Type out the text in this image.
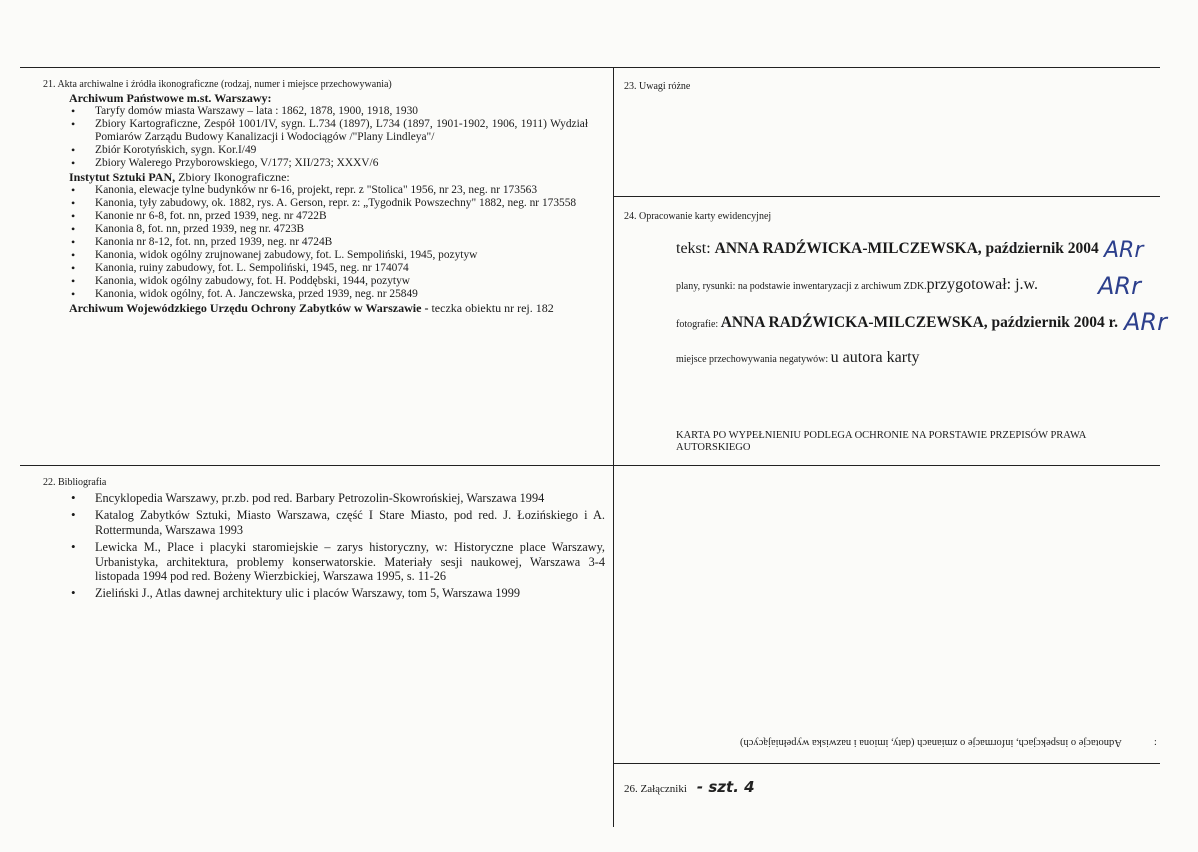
21. Akta archiwalne i źródła ikonograficzne (rodzaj, numer i miejsce przechowywania)
Archiwum Państwowe m.st. Warszawy:
• Taryfy domów miasta Warszawy – lata : 1862, 1878, 1900, 1918, 1930
• Zbiory Kartograficzne, Zespół 1001/IV, sygn. L.734 (1897), L734 (1897, 1901-1902, 1906, 1911) Wydział Pomiarów Zarządu Budowy Kanalizacji i Wodociągów /"Plany Lindleya"/
• Zbiór Korotyńskich, sygn. Kor.I/49
• Zbiory Walerego Przyborowskiego, V/177; XII/273; XXXV/6
Instytut Sztuki PAN, Zbiory Ikonograficzne:
• Kanonia, elewacje tylne budynków nr 6-16, projekt, repr. z "Stolica" 1956, nr 23, neg. nr 173563
• Kanonia, tyły zabudowy, ok. 1882, rys. A. Gerson, repr. z: „Tygodnik Powszechny" 1882, neg. nr 173558
• Kanonie nr 6-8, fot. nn, przed 1939, neg. nr 4722B
• Kanonia 8, fot. nn, przed 1939, neg nr. 4723B
• Kanonia nr 8-12, fot. nn, przed 1939, neg. nr 4724B
• Kanonia, widok ogólny zrujnowanej zabudowy, fot. L. Sempoliński, 1945, pozytyw
• Kanonia, ruiny zabudowy, fot. L. Sempoliński, 1945, neg. nr 174074
• Kanonia, widok ogólny zabudowy, fot. H. Poddębski, 1944, pozytyw
• Kanonia, widok ogólny, fot. A. Janczewska, przed 1939, neg. nr 25849
Archiwum Wojewódzkiego Urzędu Ochrony Zabytków w Warszawie - teczka obiektu nr rej. 182
22. Bibliografia
• Encyklopedia Warszawy, pr.zb. pod red. Barbary Petrozolin-Skowrońskiej, Warszawa 1994
• Katalog Zabytków Sztuki, Miasto Warszawa, część I Stare Miasto, pod red. J. Łozińskiego i A. Rottermunda, Warszawa 1993
• Lewicka M., Place i placyki staromiejskie – zarys historyczny, w: Historyczne place Warszawy, Urbanistyka, architektura, problemy konserwatorskie. Materiały sesji naukowej, Warszawa 3-4 listopada 1994 pod red. Bożeny Wierzbickiej, Warszawa 1995, s. 11-26
• Zieliński J., Atlas dawnej architektury ulic i placów Warszawy, tom 5, Warszawa 1999
23. Uwagi różne
24. Opracowanie karty ewidencyjnej
tekst: ANNA RADŹWICKA-MILCZEWSKA, październik 2004 ARr
plany, rysunki: na podstawie inwentaryzacji z archiwum ZDK.przygotował: j.w. ARr
fotografie: ANNA RADŹWICKA-MILCZEWSKA, październik 2004 r. ARr
miejsce przechowywania negatywów: u autora karty
KARTA PO WYPEŁNIENIU PODLEGA OCHRONIE NA PORSTAWIE PRZEPISÓW PRAWA AUTORSKIEGO
Adnotacje o inspekcjach, informacje o zmianach (daty, imiona i nazwiska wypełniających)	:
26. Załączniki - szt. 4
